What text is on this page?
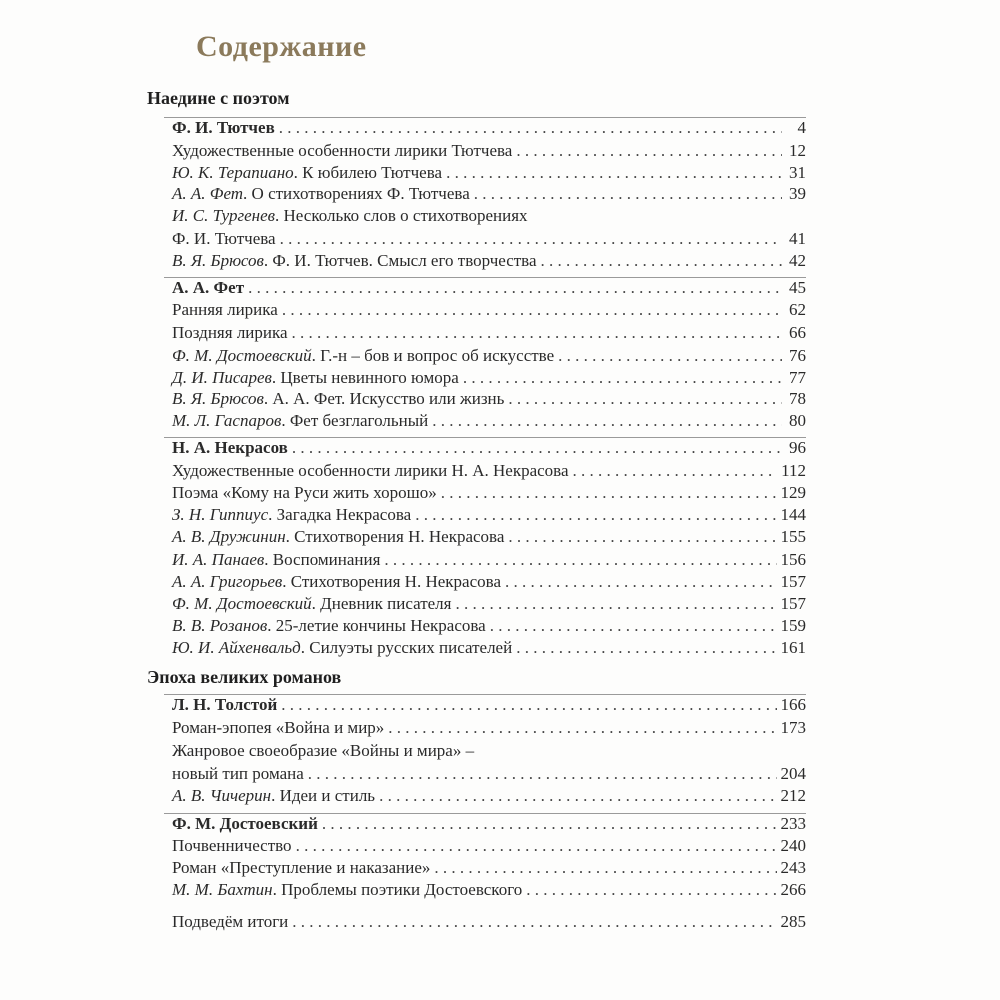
Содержание
Наедине с поэтом
Ф. И. Тютчев . . .	4
Художественные особенности лирики Тютчева . . .	12
Ю. К. Терапиано. К юбилею Тютчева . . .	31
А. А. Фет. О стихотворениях Ф. Тютчева . . .	39
И. С. Тургенев. Несколько слов о стихотворениях
Ф. И. Тютчева . . .	41
В. Я. Брюсов. Ф. И. Тютчев. Смысл его творчества . . .	42
А. А. Фет . . .	45
Ранняя лирика . . .	62
Поздняя лирика . . .	66
Ф. М. Достоевский. Г.-н – бов и вопрос об искусстве . . .	76
Д. И. Писарев. Цветы невинного юмора . . .	77
В. Я. Брюсов. А. А. Фет. Искусство или жизнь . . .	78
М. Л. Гаспаров. Фет безглагольный . . .	80
Н. А. Некрасов . . .	96
Художественные особенности лирики Н. А. Некрасова . . .	112
Поэма «Кому на Руси жить хорошо» . . .	129
З. Н. Гиппиус. Загадка Некрасова . . .	144
А. В. Дружинин. Стихотворения Н. Некрасова . . .	155
И. А. Панаев. Воспоминания . . .	156
А. А. Григорьев. Стихотворения Н. Некрасова . . .	157
Ф. М. Достоевский. Дневник писателя . . .	157
В. В. Розанов. 25-летие кончины Некрасова . . .	159
Ю. И. Айхенвальд. Силуэты русских писателей . . .	161
Эпоха великих романов
Л. Н. Толстой . . .	166
Роман-эпопея «Война и мир» . . .	173
Жанровое своеобразие «Войны и мира» –
новый тип романа . . .	204
А. В. Чичерин. Идеи и стиль . . .	212
Ф. М. Достоевский . . .	233
Почвенничество . . .	240
Роман «Преступление и наказание» . . .	243
М. М. Бахтин. Проблемы поэтики Достоевского . . .	266
Подведём итоги . . .	285
